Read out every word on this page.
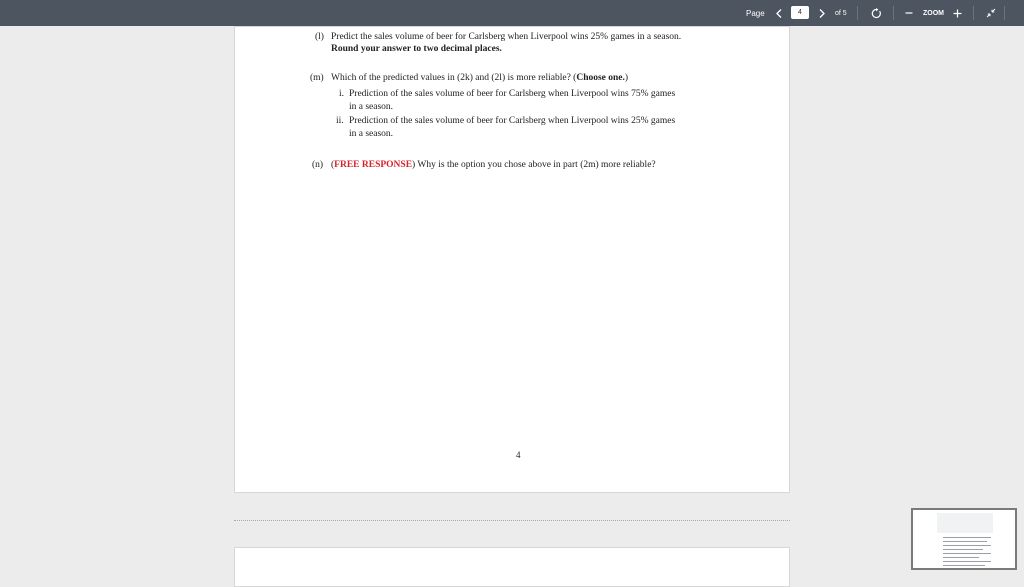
Page
4	of 5	ZOOM
(l) Predict the sales volume of beer for Carlsberg when Liverpool wins 25% games in a season.
Round your answer to two decimal places.
(m) Which of the predicted values in (2k) and (2l) is more reliable? (Choose one.)
i. Prediction of the sales volume of beer for Carlsberg when Liverpool wins 75% games
in a season.
ii. Prediction of the sales volume of beer for Carlsberg when Liverpool wins 25% games
in a season.
(n) (FREE RESPONSE) Why is the option you chose above in part (2m) more reliable?
4
